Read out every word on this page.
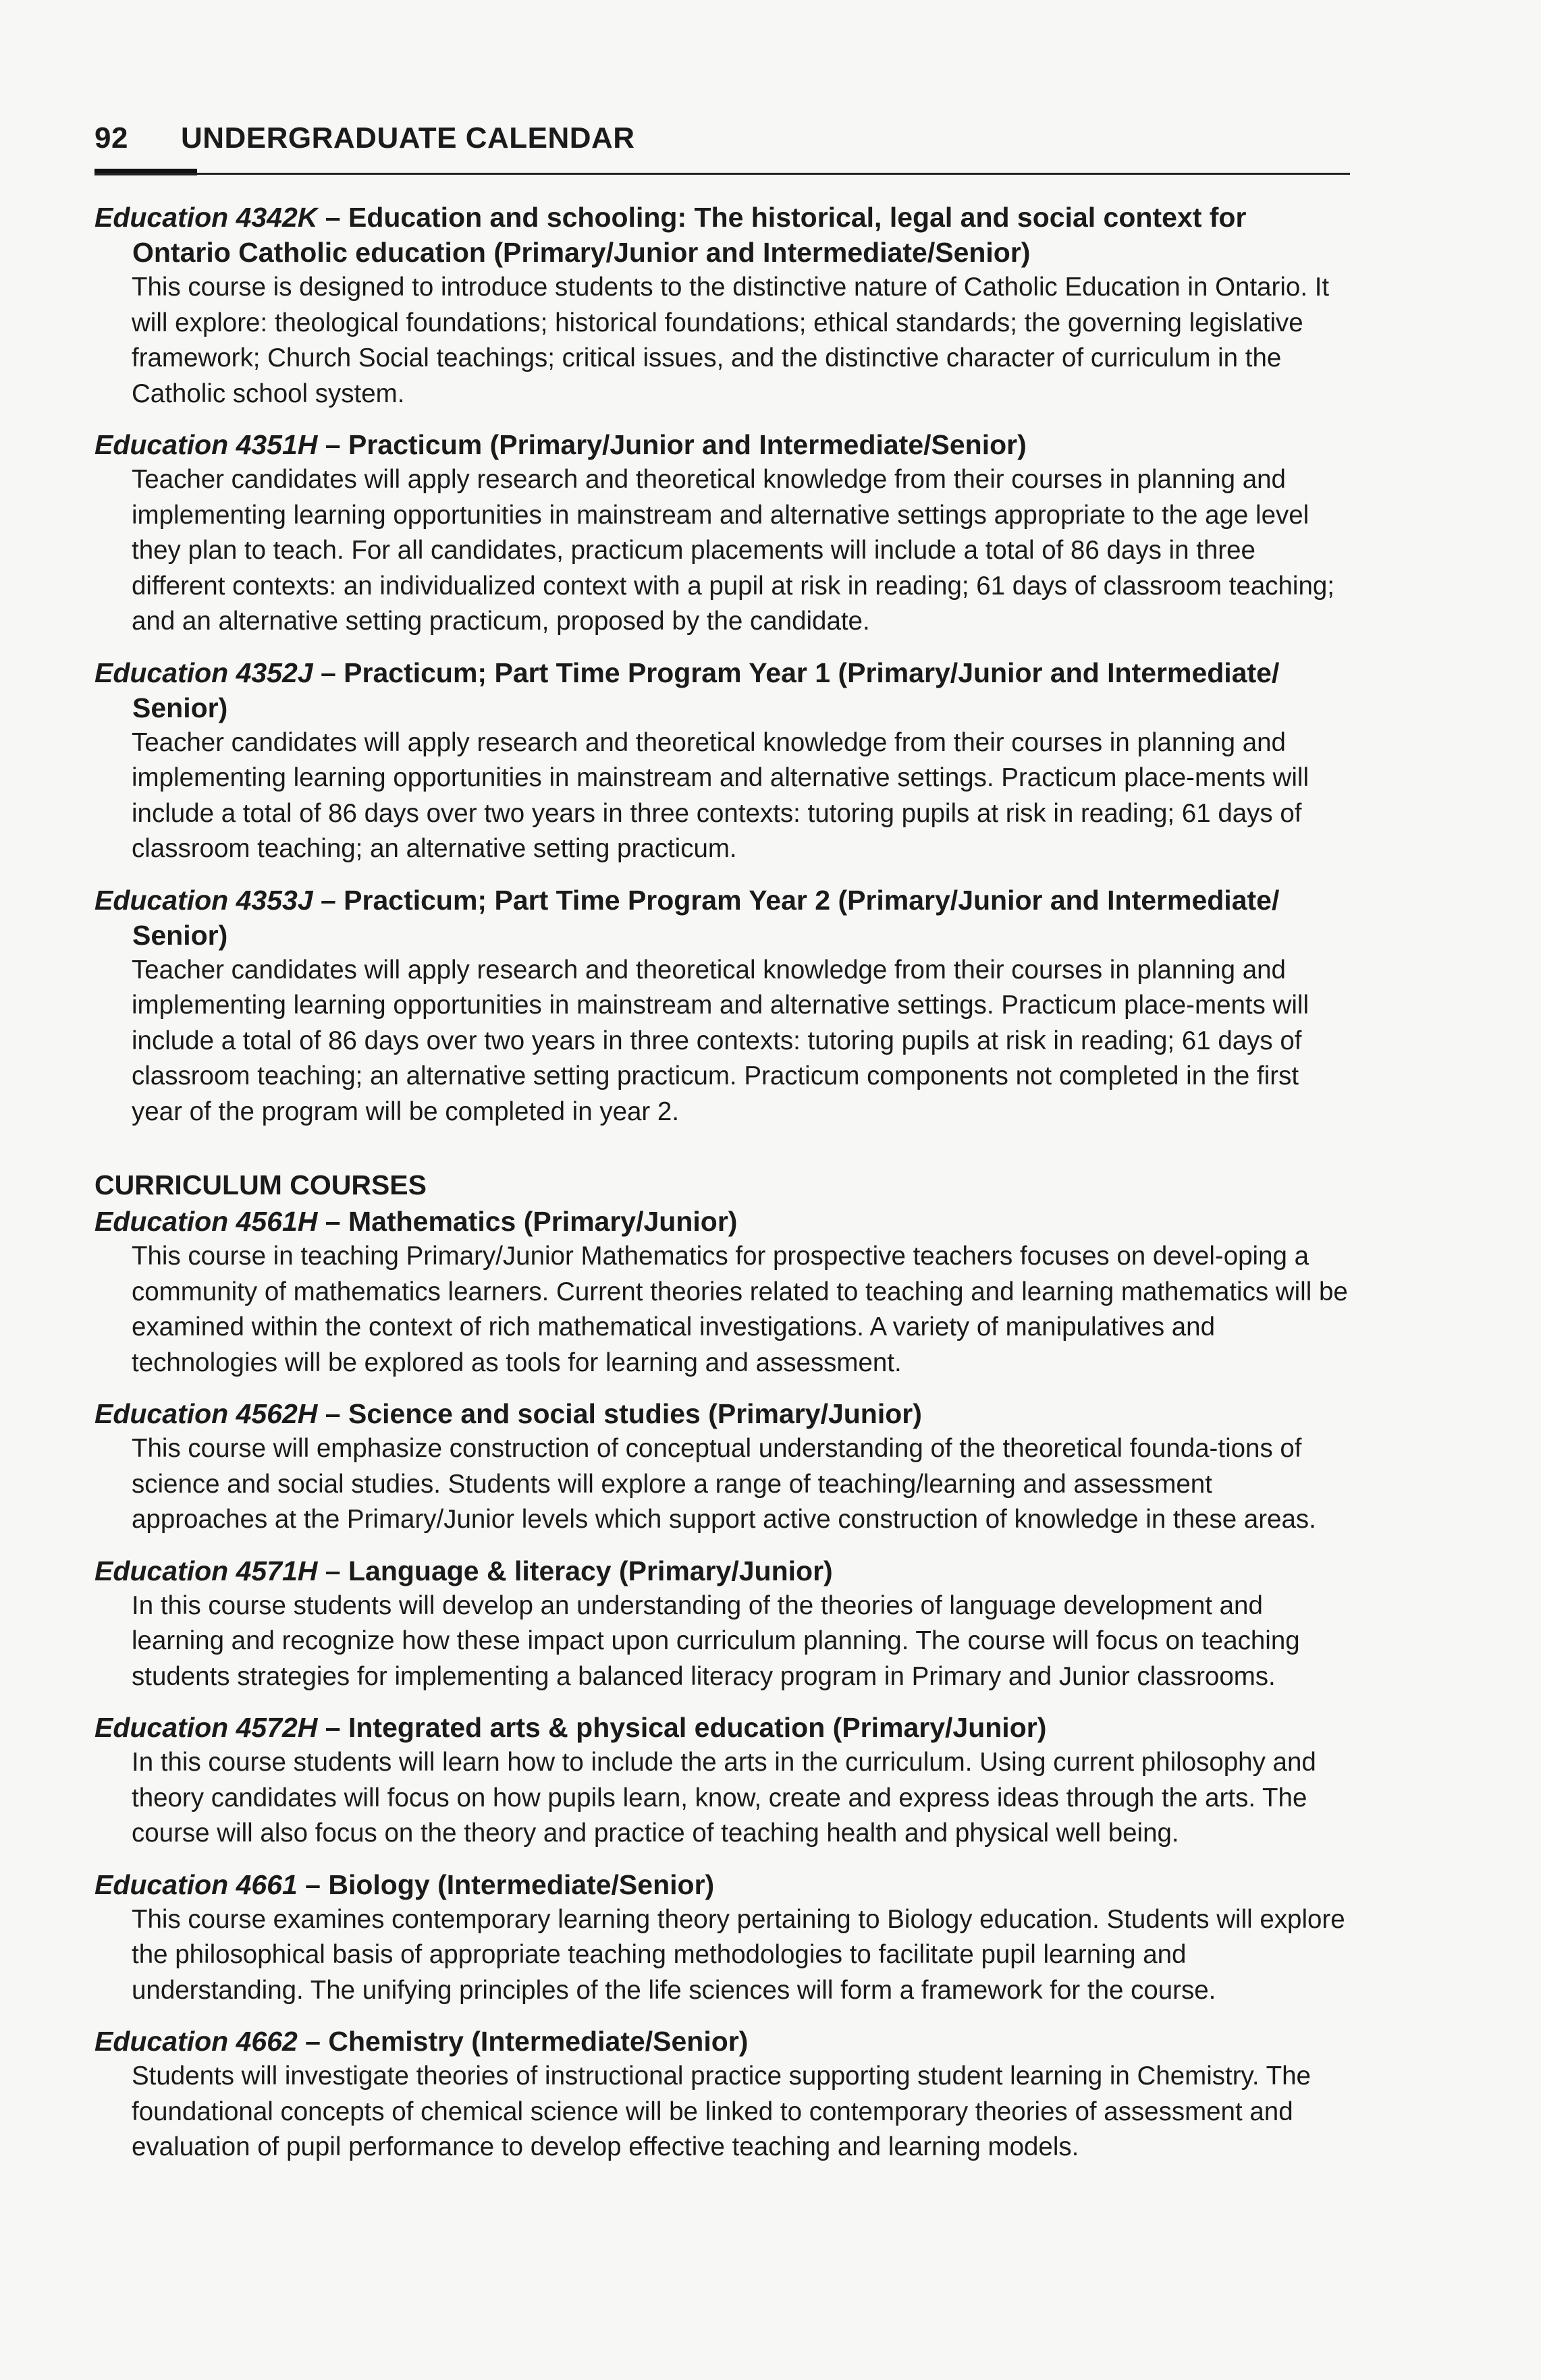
92 UNDERGRADUATE CALENDAR
Education 4342K – Education and schooling: The historical, legal and social context for Ontario Catholic education (Primary/Junior and Intermediate/Senior)

This course is designed to introduce students to the distinctive nature of Catholic Education in Ontario. It will explore: theological foundations; historical foundations; ethical standards; the governing legislative framework; Church Social teachings; critical issues, and the distinctive character of curriculum in the Catholic school system.

Education 4351H – Practicum (Primary/Junior and Intermediate/Senior)

Teacher candidates will apply research and theoretical knowledge from their courses in planning and implementing learning opportunities in mainstream and alternative settings appropriate to the age level they plan to teach. For all candidates, practicum placements will include a total of 86 days in three different contexts: an individualized context with a pupil at risk in reading; 61 days of classroom teaching; and an alternative setting practicum, proposed by the candidate.

Education 4352J – Practicum; Part Time Program Year 1 (Primary/Junior and Intermediate/ Senior)

Teacher candidates will apply research and theoretical knowledge from their courses in planning and implementing learning opportunities in mainstream and alternative settings. Practicum place-ments will include a total of 86 days over two years in three contexts: tutoring pupils at risk in reading; 61 days of classroom teaching; an alternative setting practicum.

Education 4353J – Practicum; Part Time Program Year 2 (Primary/Junior and Intermediate/ Senior)

Teacher candidates will apply research and theoretical knowledge from their courses in planning and implementing learning opportunities in mainstream and alternative settings. Practicum place-ments will include a total of 86 days over two years in three contexts: tutoring pupils at risk in reading; 61 days of classroom teaching; an alternative setting practicum. Practicum components not completed in the first year of the program will be completed in year 2.

CURRICULUM COURSES
Education 4561H – Mathematics (Primary/Junior)

This course in teaching Primary/Junior Mathematics for prospective teachers focuses on devel-oping a community of mathematics learners. Current theories related to teaching and learning mathematics will be examined within the context of rich mathematical investigations. A variety of manipulatives and technologies will be explored as tools for learning and assessment.

Education 4562H – Science and social studies (Primary/Junior)

This course will emphasize construction of conceptual understanding of the theoretical founda-tions of science and social studies. Students will explore a range of teaching/learning and assessment approaches at the Primary/Junior levels which support active construction of knowledge in these areas.

Education 4571H – Language & literacy (Primary/Junior)

In this course students will develop an understanding of the theories of language development and learning and recognize how these impact upon curriculum planning. The course will focus on teaching students strategies for implementing a balanced literacy program in Primary and Junior classrooms.

Education 4572H – Integrated arts & physical education (Primary/Junior)

In this course students will learn how to include the arts in the curriculum. Using current philosophy and theory candidates will focus on how pupils learn, know, create and express ideas through the arts. The course will also focus on the theory and practice of teaching health and physical well being.

Education 4661 – Biology (Intermediate/Senior)

This course examines contemporary learning theory pertaining to Biology education. Students will explore the philosophical basis of appropriate teaching methodologies to facilitate pupil learning and understanding. The unifying principles of the life sciences will form a framework for the course.

Education 4662 – Chemistry (Intermediate/Senior)

Students will investigate theories of instructional practice supporting student learning in Chemistry. The foundational concepts of chemical science will be linked to contemporary theories of assessment and evaluation of pupil performance to develop effective teaching and learning models.
